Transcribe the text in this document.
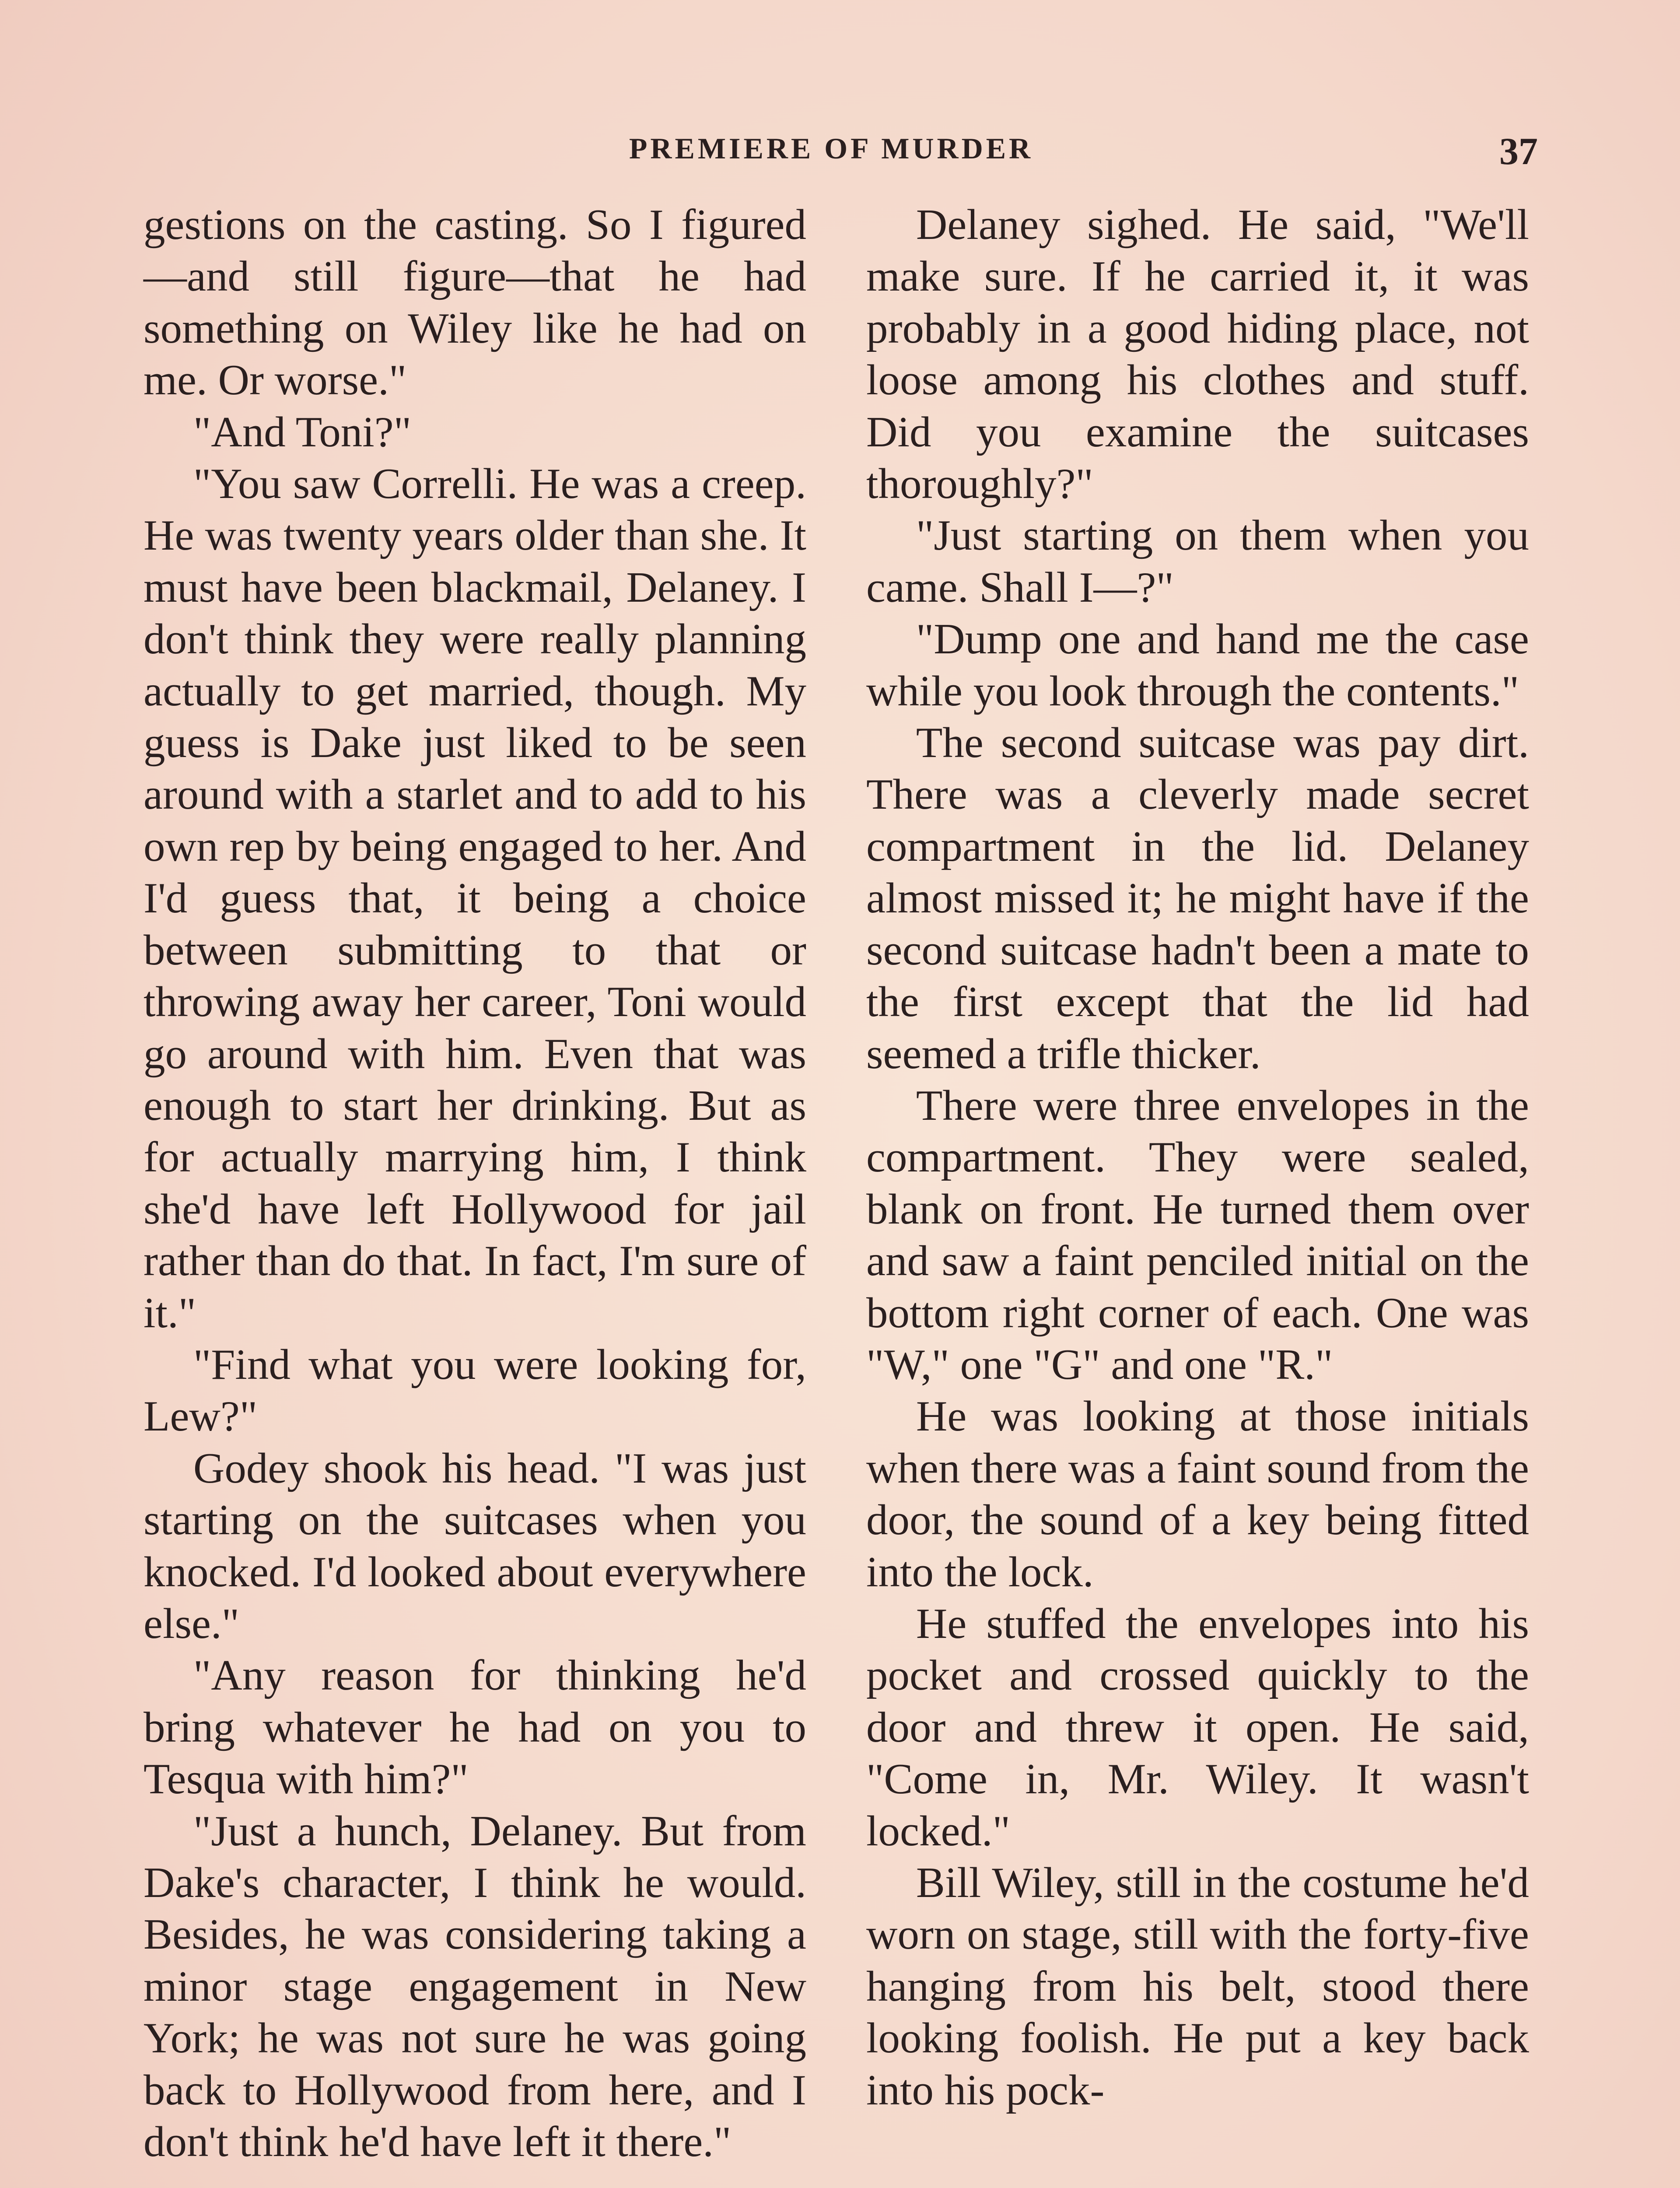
PREMIERE OF MURDER	37

gestions on the casting. So I figured—and still figure—that he had something on Wiley like he had on me. Or worse."

"And Toni?"

"You saw Correlli. He was a creep. He was twenty years older than she. It must have been blackmail, Delaney. I don't think they were really planning actually to get married, though. My guess is Dake just liked to be seen around with a starlet and to add to his own rep by being engaged to her. And I'd guess that, it being a choice between submitting to that or throwing away her career, Toni would go around with him. Even that was enough to start her drinking. But as for actually marrying him, I think she'd have left Hollywood for jail rather than do that. In fact, I'm sure of it."

"Find what you were looking for, Lew?"

Godey shook his head. "I was just starting on the suitcases when you knocked. I'd looked about everywhere else."

"Any reason for thinking he'd bring whatever he had on you to Tesqua with him?"

"Just a hunch, Delaney. But from Dake's character, I think he would. Besides, he was considering taking a minor stage engagement in New York; he was not sure he was going back to Hollywood from here, and I don't think he'd have left it there."

Delaney sighed. He said, "We'll make sure. If he carried it, it was probably in a good hiding place, not loose among his clothes and stuff. Did you examine the suitcases thoroughly?"

"Just starting on them when you came. Shall I—?"

"Dump one and hand me the case while you look through the contents."

The second suitcase was pay dirt. There was a cleverly made secret compartment in the lid. Delaney almost missed it; he might have if the second suitcase hadn't been a mate to the first except that the lid had seemed a trifle thicker.

There were three envelopes in the compartment. They were sealed, blank on front. He turned them over and saw a faint penciled initial on the bottom right corner of each. One was "W," one "G" and one "R."

He was looking at those initials when there was a faint sound from the door, the sound of a key being fitted into the lock.

He stuffed the envelopes into his pocket and crossed quickly to the door and threw it open. He said, "Come in, Mr. Wiley. It wasn't locked."

Bill Wiley, still in the costume he'd worn on stage, still with the forty-five hanging from his belt, stood there looking foolish. He put a key back into his pock-
